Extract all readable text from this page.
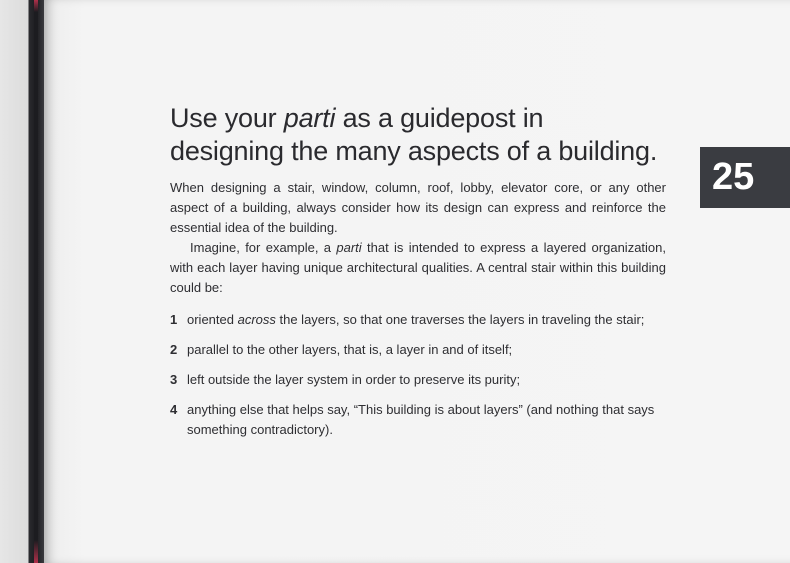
Use your parti as a guidepost in
designing the many aspects of a building.
25

When designing a stair, window, column, roof, lobby, elevator core, or any other aspect of a building, always consider how its design can express and reinforce the essential idea of the building.

Imagine, for example, a parti that is intended to express a layered organization, with each layer having unique architectural qualities. A central stair within this building could be:

1 oriented across the layers, so that one traverses the layers in traveling the stair;
2 parallel to the other layers, that is, a layer in and of itself;
3 left outside the layer system in order to preserve its purity;
4 anything else that helps say, “This building is about layers” (and nothing that says something contradictory).
